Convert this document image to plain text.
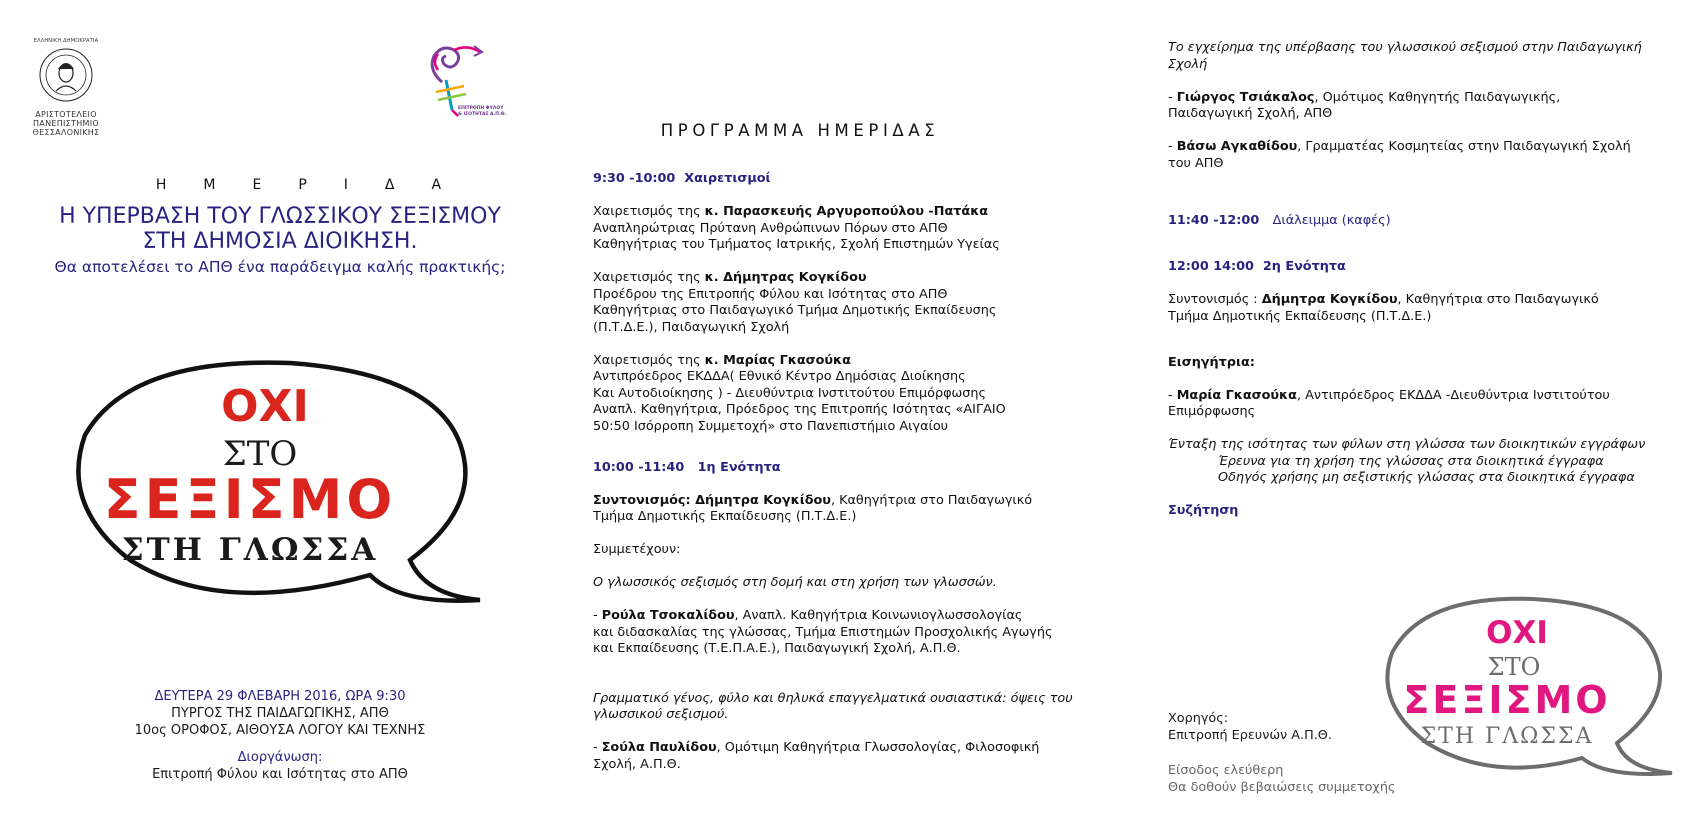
ΕΛΛΗΝΙΚΗ ΔΗΜΟΚΡΑΤΙΑ
ΑΡΙΣΤΟΤΕΛΕΙΟ
ΠΑΝΕΠΙΣΤΗΜΙΟ
ΘΕΣΣΑΛΟΝΙΚΗΣ
ΕΠΙΤΡΟΠΗ ΦΥΛΟΥ
& ΙΣΟΤΗΤΑΣ Α.Π.Θ.
ΗΜΕΡΙΔΑ
Η ΥΠΕΡΒΑΣΗ ΤΟΥ ΓΛΩΣΣΙΚΟΥ ΣΕΞΙΣΜΟΥ
ΣΤΗ ΔΗΜΟΣΙΑ ΔΙΟΙΚΗΣΗ.
Θα αποτελέσει το ΑΠΘ ένα παράδειγμα καλής πρακτικής;
ΟΧΙ
ΣΤΟ
ΣΕΞΙΣΜΟ
ΣΤΗ ΓΛΩΣΣΑ
ΔΕΥΤΕΡΑ 29 ΦΛΕΒΑΡΗ 2016, ΩΡΑ 9:30
ΠΥΡΓΟΣ ΤΗΣ ΠΑΙΔΑΓΩΓΙΚΗΣ, ΑΠΘ
10ος ΟΡΟΦΟΣ, ΑΙΘΟΥΣΑ ΛΟΓΟΥ ΚΑΙ ΤΕΧΝΗΣ
Διοργάνωση:
Επιτροπή Φύλου και Ισότητας στο ΑΠΘ
ΠΡΟΓΡΑΜΜΑ ΗΜΕΡΙΔΑΣ

9:30 -10:00 Χαιρετισμοί

Χαιρετισμός της κ. Παρασκευής Αργυροπούλου -Πατάκα

Αναπληρώτριας Πρύτανη Ανθρώπινων Πόρων στο ΑΠΘ

Καθηγήτριας του Τμήματος Ιατρικής, Σχολή Επιστημών Υγείας

Χαιρετισμός της κ. Δήμητρας Κογκίδου

Προέδρου της Επιτροπής Φύλου και Ισότητας στο ΑΠΘ

Καθηγήτριας στο Παιδαγωγικό Τμήμα Δημοτικής Εκπαίδευσης

(Π.Τ.Δ.Ε.), Παιδαγωγική Σχολή

Χαιρετισμός της κ. Μαρίας Γκασούκα

Αντιπρόεδρος ΕΚΔΔΑ( Εθνικό Κέντρο Δημόσιας Διοίκησης

Και Αυτοδιοίκησης ) - Διευθύντρια Ινστιτούτου Επιμόρφωσης

Αναπλ. Καθηγήτρια, Πρόεδρος της Επιτροπής Ισότητας «ΑΙΓΑΙΟ

50:50 Ισόρροπη Συμμετοχή» στο Πανεπιστήμιο Αιγαίου

10:00 -11:40 1η Ενότητα

Συντονισμός: Δήμητρα Κογκίδου, Καθηγήτρια στο Παιδαγωγικό

Τμήμα Δημοτικής Εκπαίδευσης (Π.Τ.Δ.Ε.)

Συμμετέχουν:

Ο γλωσσικός σεξισμός στη δομή και στη χρήση των γλωσσών.

- Ρούλα Τσοκαλίδου, Αναπλ. Καθηγήτρια Κοινωνιογλωσσολογίας

και διδασκαλίας της γλώσσας, Τμήμα Επιστημών Προσχολικής Αγωγής

και Εκπαίδευσης (Τ.Ε.Π.Α.Ε.), Παιδαγωγική Σχολή, Α.Π.Θ.

Γραμματικό γένος, φύλο και θηλυκά επαγγελματικά ουσιαστικά: όψεις του

γλωσσικού σεξισμού.

- Σούλα Παυλίδου, Ομότιμη Καθηγήτρια Γλωσσολογίας, Φιλοσοφική

Σχολή, Α.Π.Θ.

Το εγχείρημα της υπέρβασης του γλωσσικού σεξισμού στην Παιδαγωγική

Σχολή

- Γιώργος Τσιάκαλος, Ομότιμος Καθηγητής Παιδαγωγικής,

Παιδαγωγική Σχολή, ΑΠΘ

- Βάσω Αγκαθίδου, Γραμματέας Κοσμητείας στην Παιδαγωγική Σχολή

του ΑΠΘ

11:40 -12:00 Διάλειμμα (καφές)

12:00 14:00 2η Ενότητα

Συντονισμός : Δήμητρα Κογκίδου, Καθηγήτρια στο Παιδαγωγικό

Τμήμα Δημοτικής Εκπαίδευσης (Π.Τ.Δ.Ε.)

Εισηγήτρια:

- Μαρία Γκασούκα, Αντιπρόεδρος ΕΚΔΔΑ -Διευθύντρια Ινστιτούτου

Επιμόρφωσης

Ένταξη της ισότητας των φύλων στη γλώσσα των διοικητικών εγγράφων

Έρευνα για τη χρήση της γλώσσας στα διοικητικά έγγραφα

Οδηγός χρήσης μη σεξιστικής γλώσσας στα διοικητικά έγγραφα

Συζήτηση

Χορηγός:
Επιτροπή Ερευνών Α.Π.Θ.
Είσοδος ελεύθερη
Θα δοθούν βεβαιώσεις συμμετοχής
ΟΧΙ
ΣΤΟ
ΣΕΞΙΣΜΟ
ΣΤΗ ΓΛΩΣΣΑ
